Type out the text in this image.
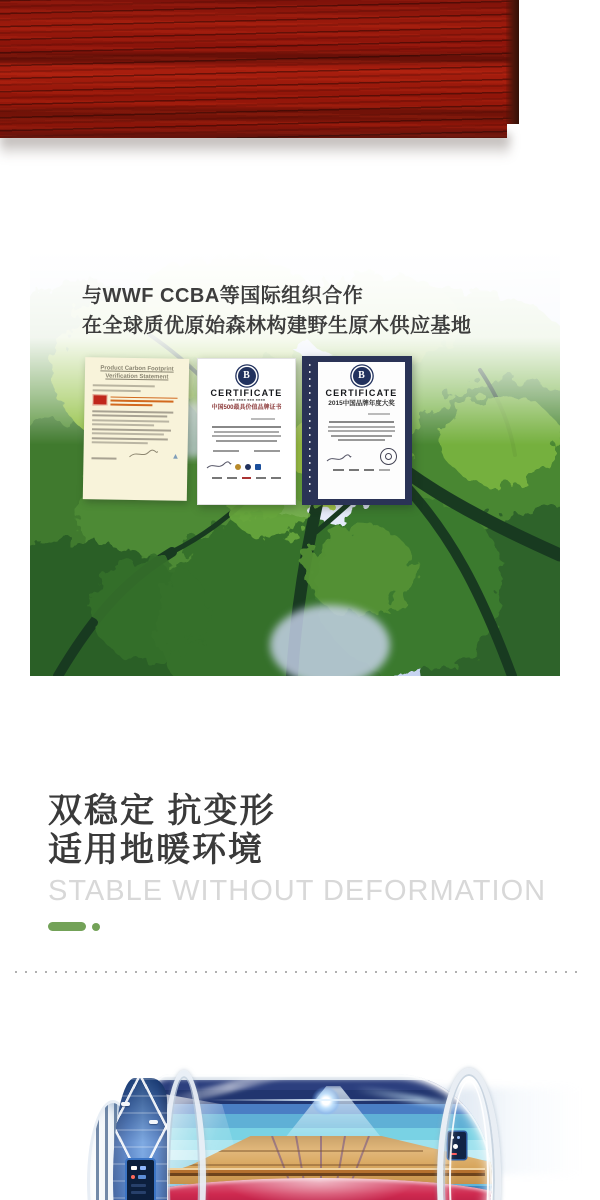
与WWF CCBA等国际组织合作
在全球质优原始森林构建野生原木供应基地
Product Carbon Footprint
Verification Statement
▲
B
CERTIFICATE
■■■ ■■■■ ■■■ ■■■■
中国500最具价值品牌证书
B
CERTIFICATE
2015中国品牌年度大奖
双稳定 抗变形
适用地暖环境
STABLE WITHOUT DEFORMATION
